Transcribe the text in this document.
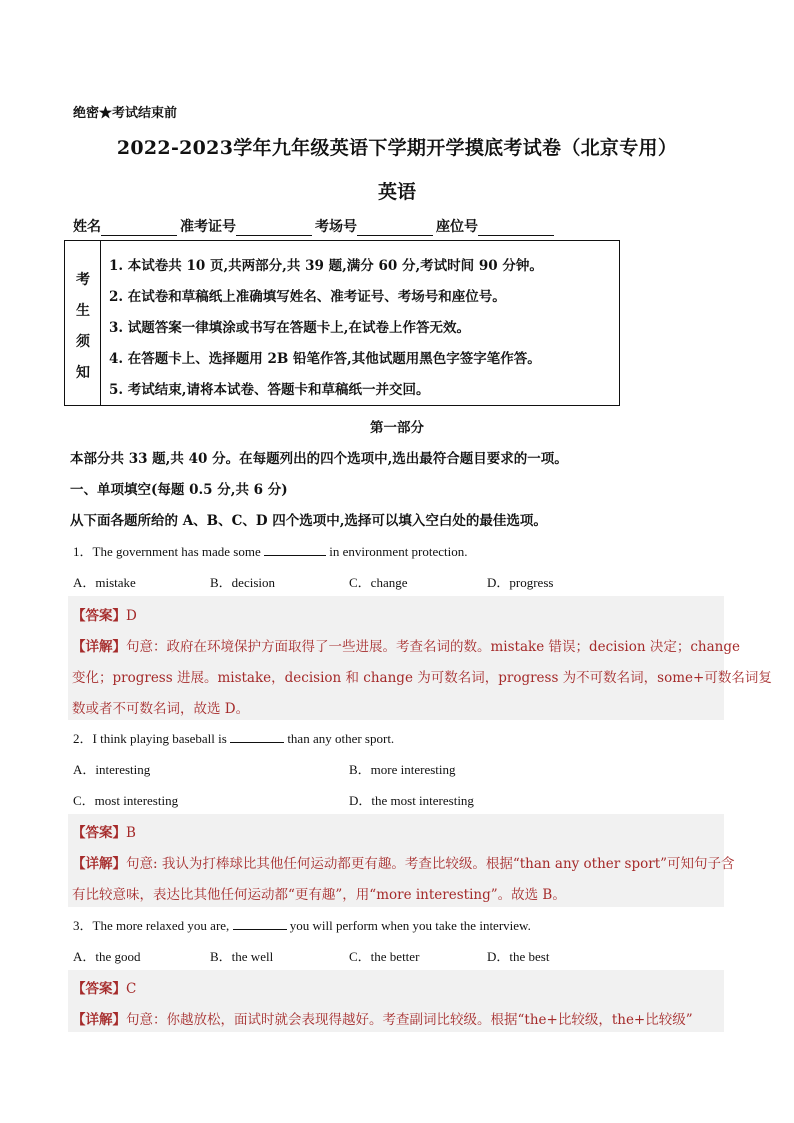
绝密★考试结束前
2022-2023学年九年级英语下学期开学摸底考试卷（北京专用）
英语
姓名	准考证号	考场号	座位号
考
生
须
知
1. 本试卷共 10 页,共两部分,共 39 题,满分 60 分,考试时间 90 分钟。
2. 在试卷和草稿纸上准确填写姓名、准考证号、考场号和座位号。
3. 试题答案一律填涂或书写在答题卡上,在试卷上作答无效。
4. 在答题卡上、选择题用 2B 铅笔作答,其他试题用黑色字签字笔作答。
5. 考试结束,请将本试卷、答题卡和草稿纸一并交回。
第一部分
本部分共 33 题,共 40 分。在每题列出的四个选项中,选出最符合题目要求的一项。
一、单项填空(每题 0.5 分,共 6 分)
从下面各题所给的 A、B、C、D 四个选项中,选择可以填入空白处的最佳选项。
1．The government has made some	in environment protection.
A．mistake	B．decision	C．change	D．progress
【答案】D
【详解】句意：政府在环境保护方面取得了一些进展。考查名词的数。mistake 错误；decision 决定；change
变化；progress 进展。mistake，decision 和 change 为可数名词，progress 为不可数名词，some+可数名词复
数或者不可数名词，故选 D。
2．I think playing baseball is	than any other sport.
A．interesting	B．more interesting
C．most interesting	D．the most interesting
【答案】B
【详解】句意: 我认为打棒球比其他任何运动都更有趣。考查比较级。根据“than any other sport”可知句子含
有比较意味，表达比其他任何运动都“更有趣”，用“more interesting”。故选 B。
3．The more relaxed you are,	you will perform when you take the interview.
A．the good	B．the well	C．the better	D．the best
【答案】C
【详解】句意：你越放松，面试时就会表现得越好。考查副词比较级。根据“the+比较级，the+比较级”
